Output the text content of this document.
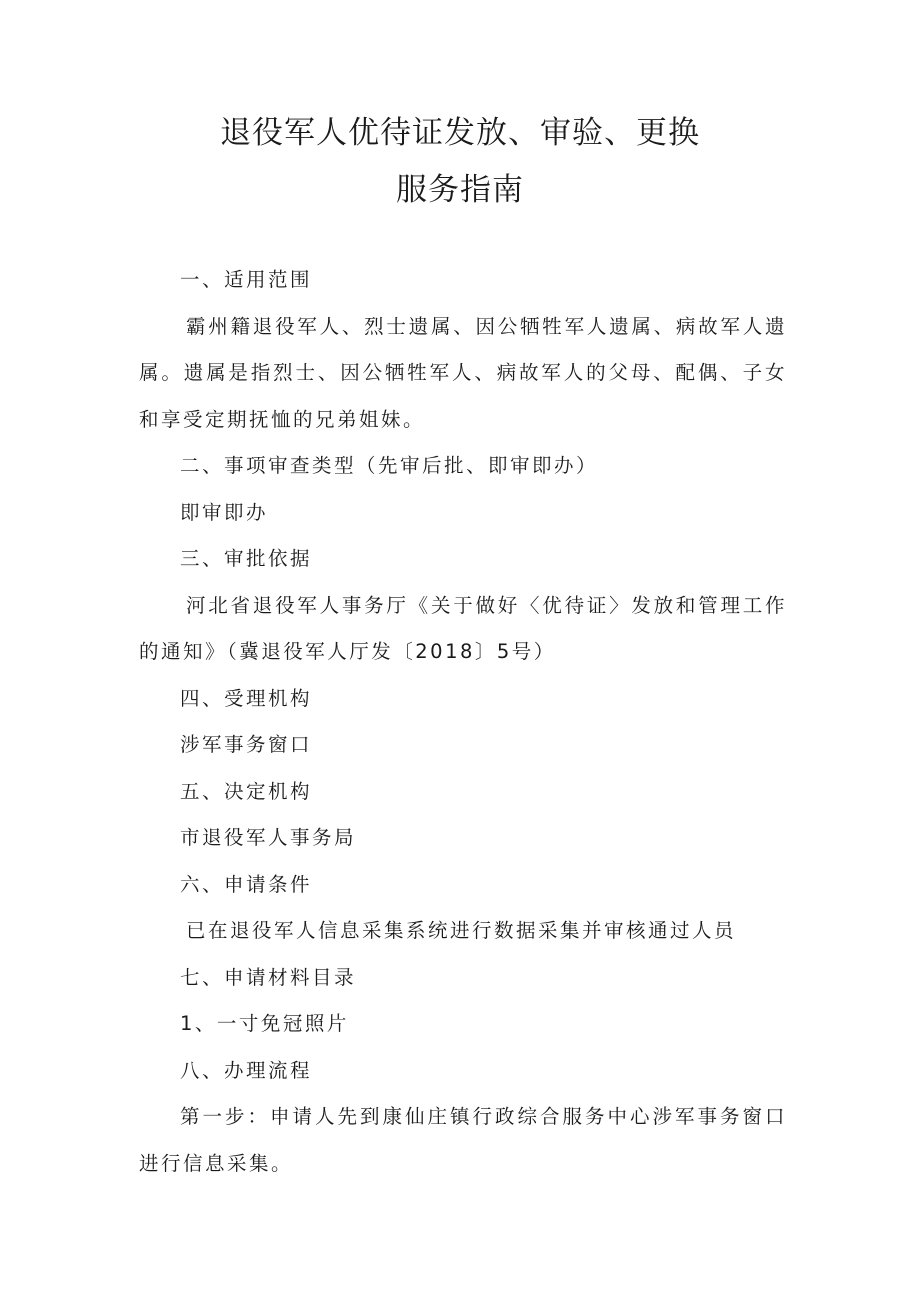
退役军人优待证发放、审验、更换
服务指南

一、适用范围

霸州籍退役军人、烈士遗属、因公牺牲军人遗属、病故军人遗属。遗属是指烈士、因公牺牲军人、病故军人的父母、配偶、子女和享受定期抚恤的兄弟姐妹。

二、事项审查类型（先审后批、即审即办）

即审即办

三、审批依据

河北省退役军人事务厅《关于做好〈优待证〉发放和管理工作的通知》（冀退役军人厅发〔2018〕5号）

四、受理机构

涉军事务窗口

五、决定机构

市退役军人事务局

六、申请条件

已在退役军人信息采集系统进行数据采集并审核通过人员

七、申请材料目录

1、一寸免冠照片

八、办理流程

第一步：申请人先到康仙庄镇行政综合服务中心涉军事务窗口进行信息采集。
